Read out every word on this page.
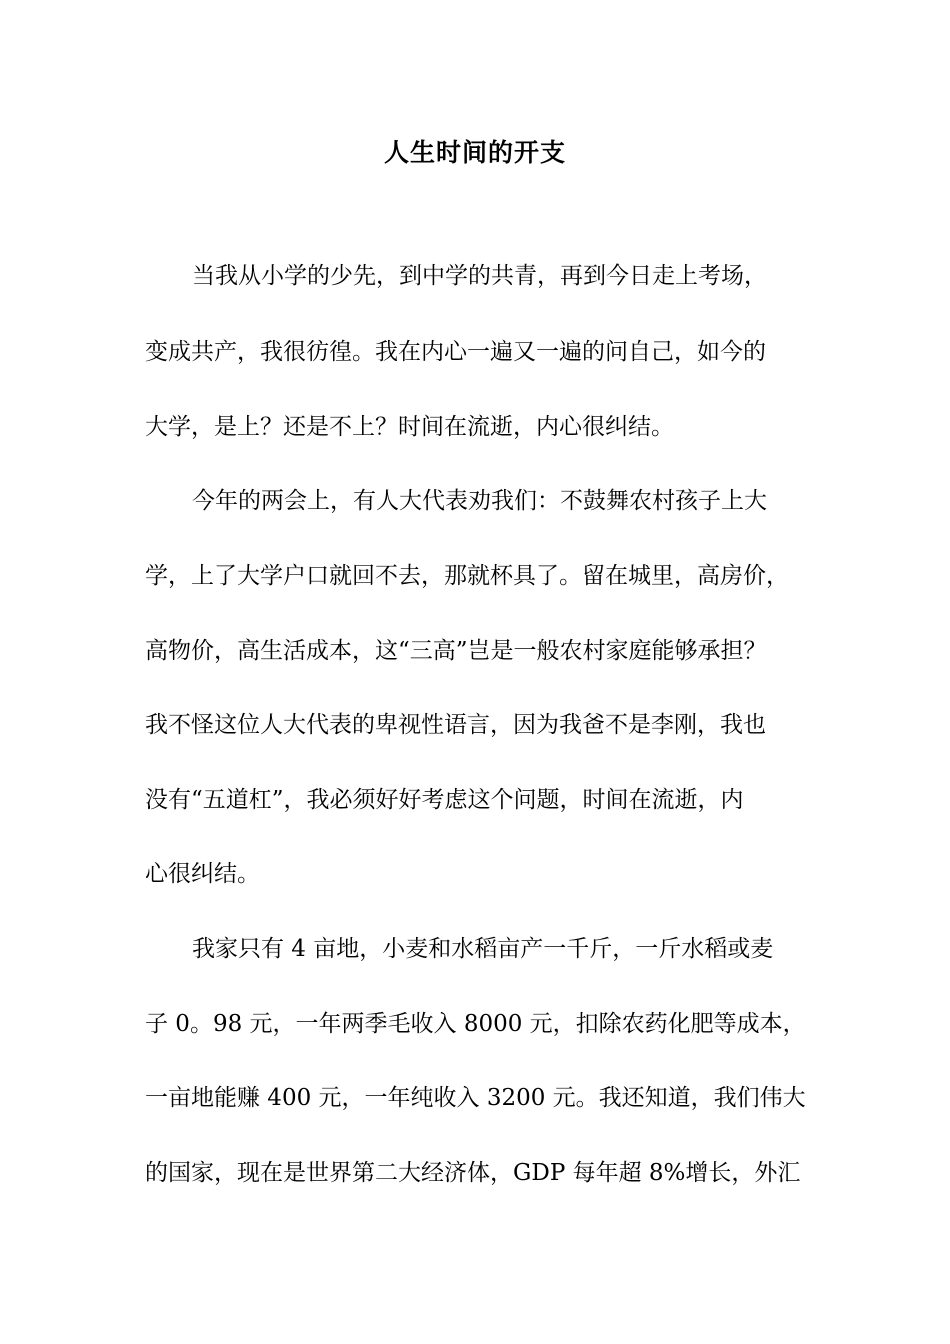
人生时间的开支
当我从小学的少先，到中学的共青，再到今日走上考场，
变成共产，我很彷徨。我在内心一遍又一遍的问自己，如今的
大学，是上？还是不上？时间在流逝，内心很纠结。
今年的两会上，有人大代表劝我们：不鼓舞农村孩子上大
学，上了大学户口就回不去，那就杯具了。留在城里，高房价，
高物价，高生活成本，这“三高”岂是一般农村家庭能够承担？
我不怪这位人大代表的卑视性语言，因为我爸不是李刚，我也
没有“五道杠”，我必须好好考虑这个问题，时间在流逝，内
心很纠结。
我家只有 4 亩地，小麦和水稻亩产一千斤，一斤水稻或麦
子 0。98 元，一年两季毛收入 8000 元，扣除农药化肥等成本，
一亩地能赚 400 元，一年纯收入 3200 元。我还知道，我们伟大
的国家，现在是世界第二大经济体，GDP 每年超 8%增长，外汇
